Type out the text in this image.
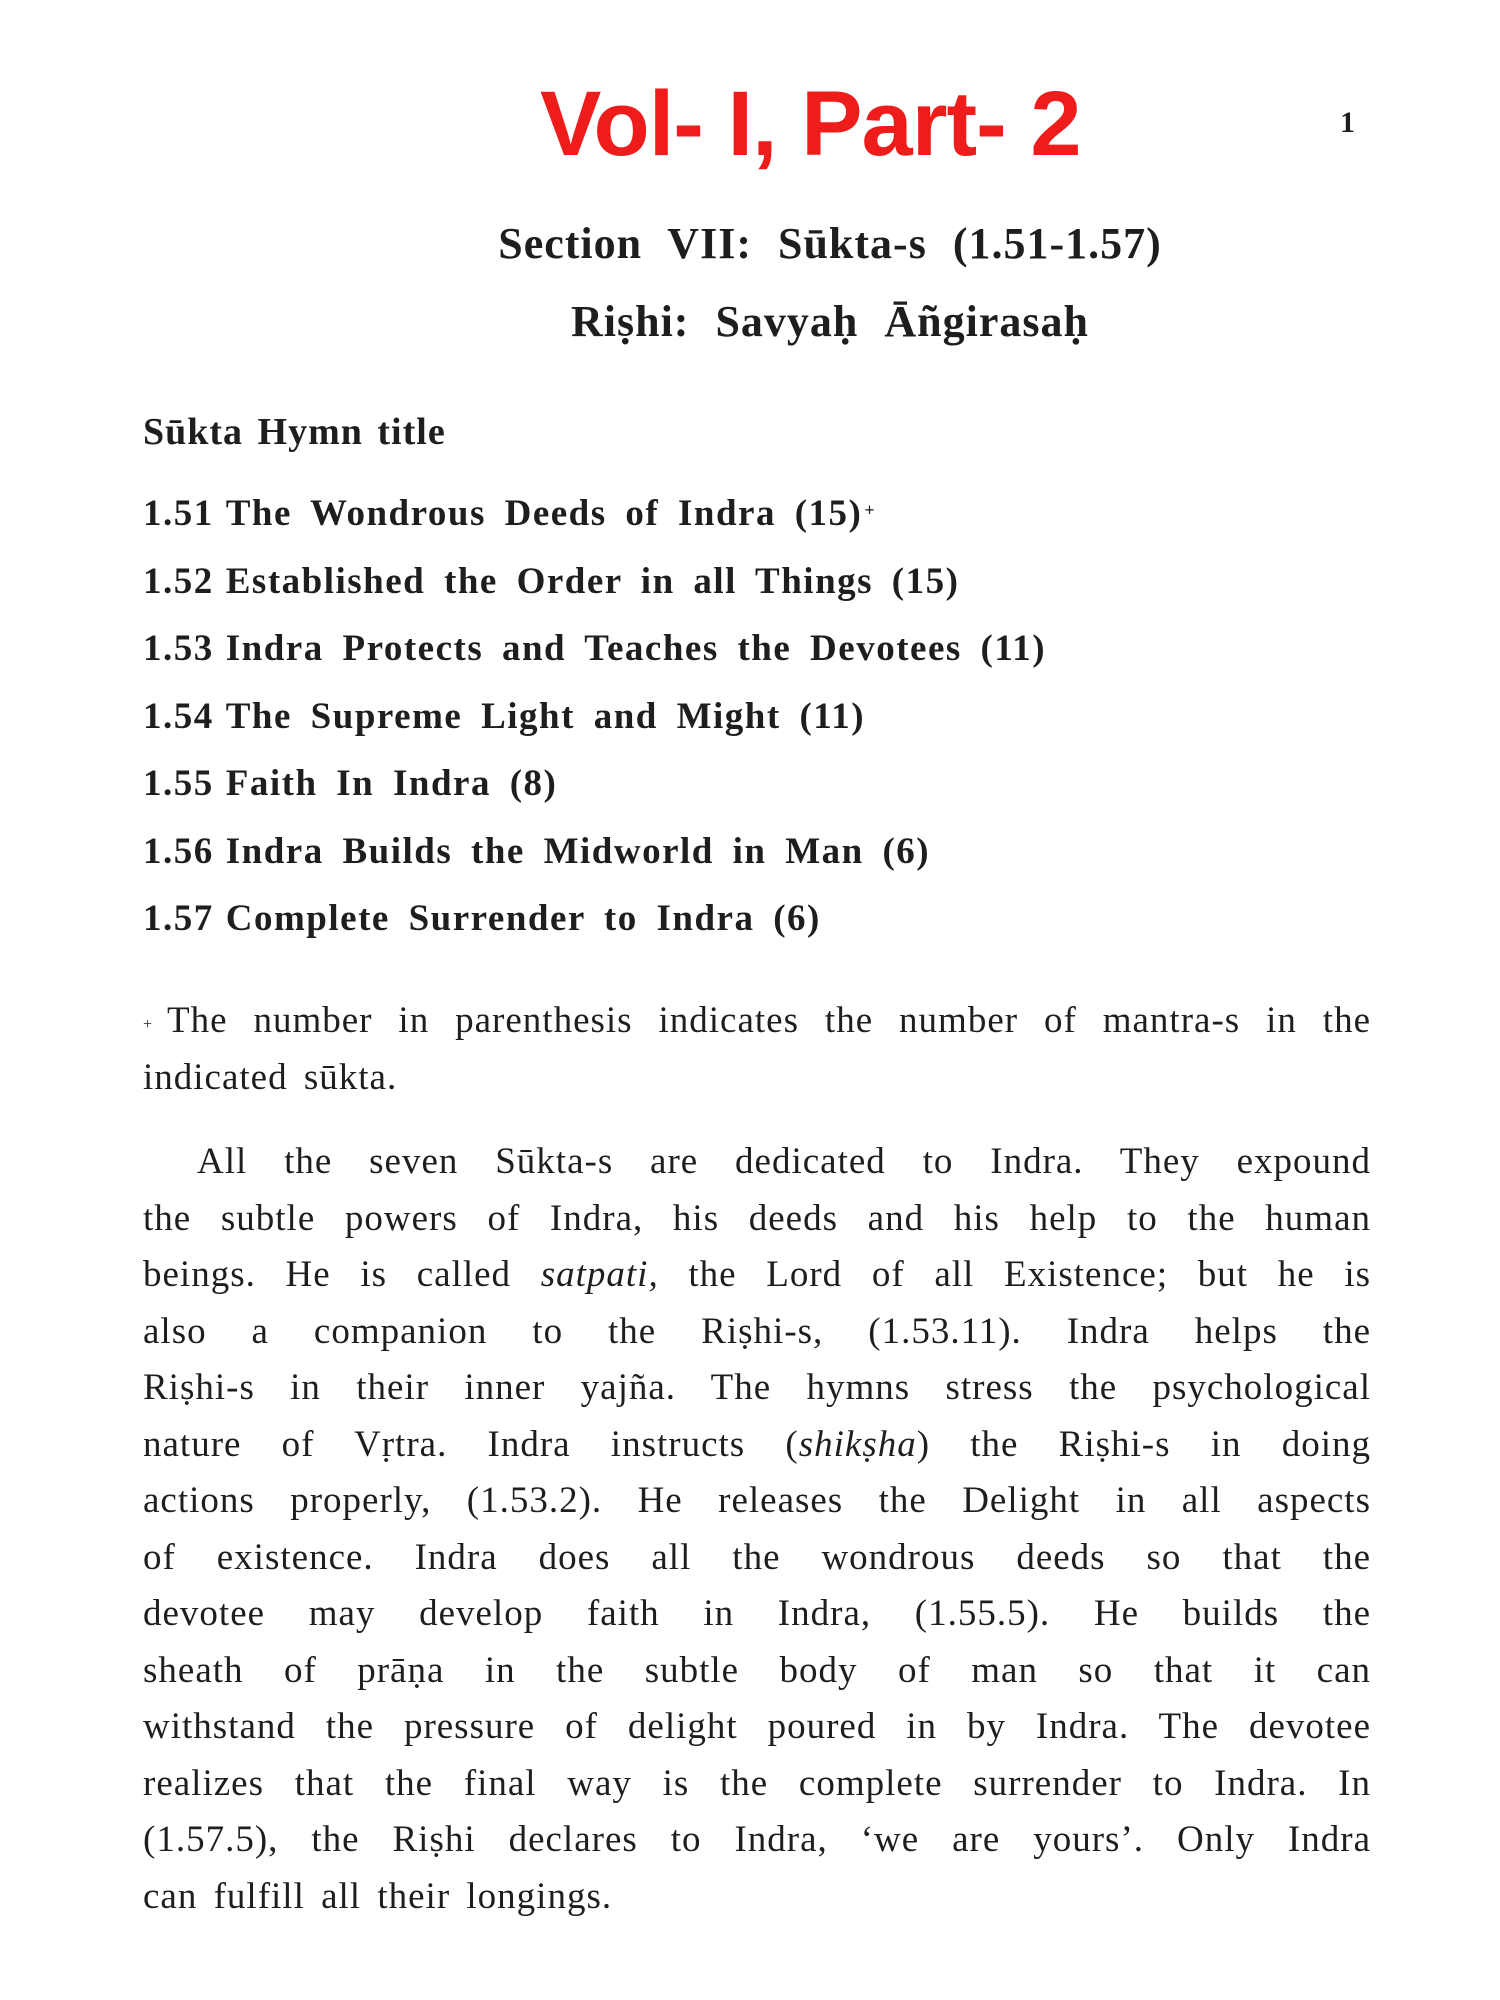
Vol- I, Part- 2	1
Section VII: Sūkta-s (1.51-1.57)
Riṣhi: Savyaḥ Āñgirasaḥ
Sūkta Hymn title
1.51 The Wondrous Deeds of Indra (15) +
1.52 Established the Order in all Things (15)
1.53 Indra Protects and Teaches the Devotees (11)
1.54 The Supreme Light and Might (11)
1.55 Faith In Indra (8)
1.56 Indra Builds the Midworld in Man (6)
1.57 Complete Surrender to Indra (6)

+ The number in parenthesis indicates the number of mantra-s in the indicated sūkta.

All the seven Sūkta-s are dedicated to Indra. They expound
the subtle powers of Indra, his deeds and his help to the human
beings. He is called satpati, the Lord of all Existence; but he is
also a companion to the Riṣhi-s, (1.53.11). Indra helps the
Riṣhi-s in their inner yajña. The hymns stress the psychological
nature of Vṛtra. Indra instructs (shikṣha) the Riṣhi-s in doing
actions properly, (1.53.2). He releases the Delight in all aspects
of existence. Indra does all the wondrous deeds so that the
devotee may develop faith in Indra, (1.55.5). He builds the
sheath of prāṇa in the subtle body of man so that it can
withstand the pressure of delight poured in by Indra. The devotee
realizes that the final way is the complete surrender to Indra. In
(1.57.5), the Riṣhi declares to Indra, ‘we are yours’. Only Indra
can fulfill all their longings.
